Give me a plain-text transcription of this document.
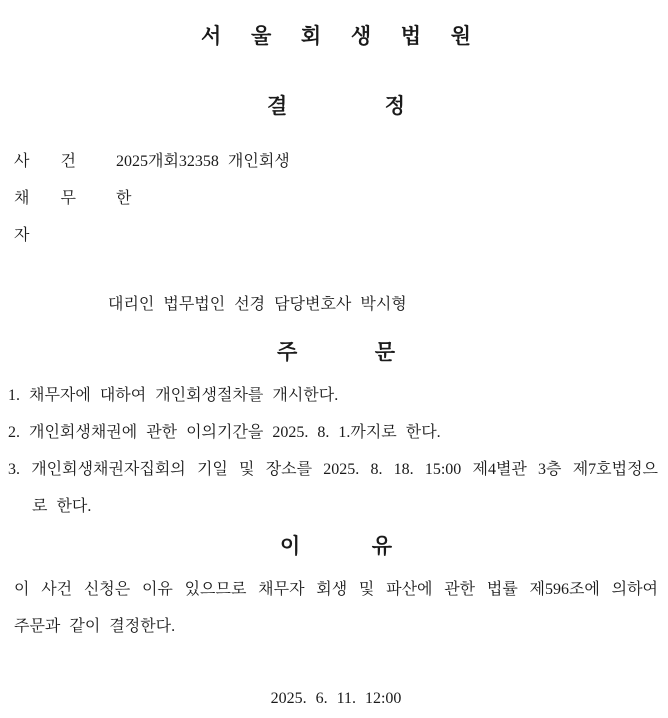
서 울 회 생 법 원
결 정
사 건	2025개회32358 개인회생
채 무 자 한
대리인 법무법인 선경 담당변호사 박시형
주 문
1. 채무자에 대하여 개인회생절차를 개시한다.
2. 개인회생채권에 관한 이의기간을 2025. 8. 1.까지로 한다.
3. 개인회생채권자집회의 기일 및 장소를 2025. 8. 18. 15:00 제4별관 3층 제7호법정으
로 한다.
이 유
이 사건 신청은 이유 있으므로 채무자 회생 및 파산에 관한 법률 제596조에 의하여
주문과 같이 결정한다.
2025. 6. 11. 12:00
